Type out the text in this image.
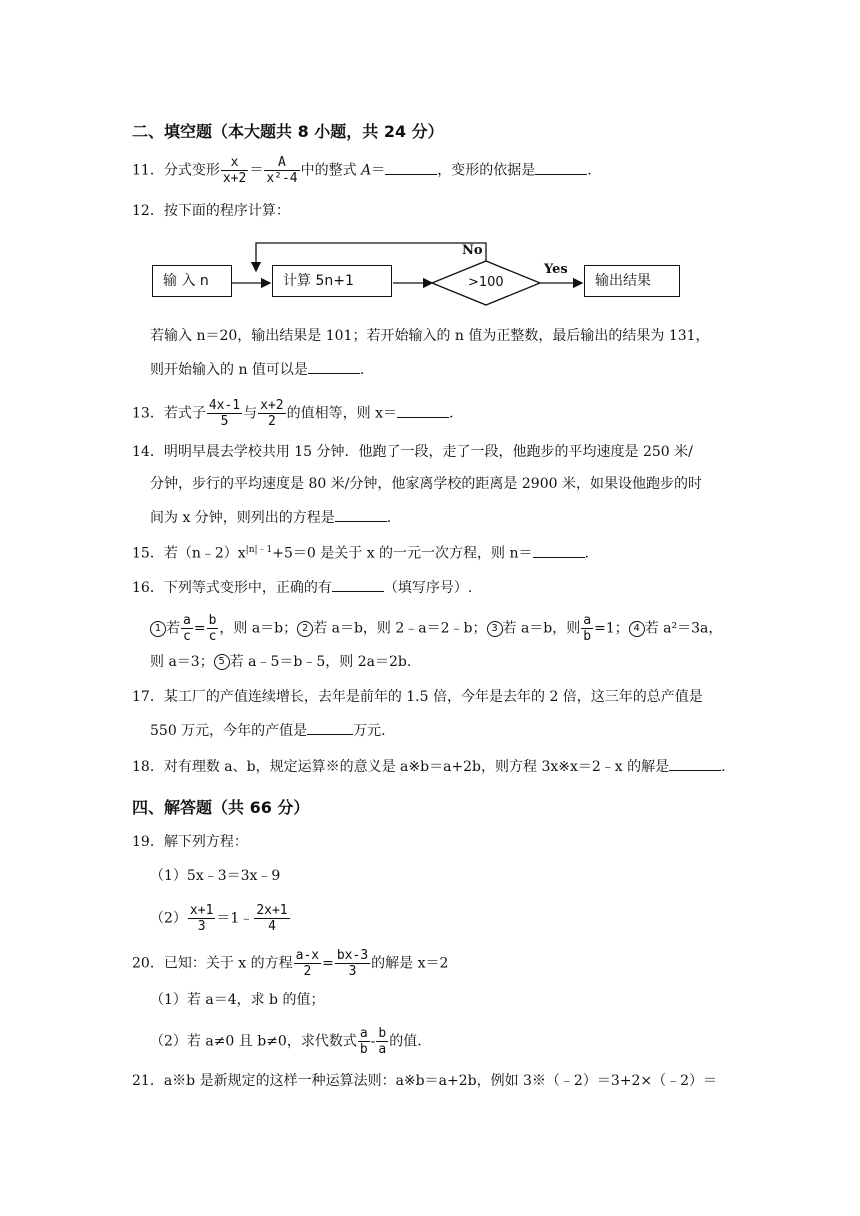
二、填空题（本大题共 8 小题，共 24 分）
11．分式变形 $\frac{x}{x+2} = \frac{A}{\text{x²-4}}$ 中的整式 A＝	，变形的依据是	.
12．按下面的程序计算：
输 入 n	计算 5n+1	>100	输出结果
No
Yes
若输入 n＝20，输出结果是 101；若开始输入的 n 值为正整数，最后输出的结果为 131，
则开始输入的 n 值可以是	.
13．若式子 $\frac{4x-1}{5}$ 与 $\frac{x+2}{2}$ 的值相等，则 x＝	.
14．明明早晨去学校共用 15 分钟．他跑了一段，走了一段，他跑步的平均速度是 250 米/
分钟，步行的平均速度是 80 米/分钟，他家离学校的距离是 2900 米，如果设他跑步的时
间为 x 分钟，则列出的方程是	.
15．若$(n﹣2)x^{|n|﹣1}+5=0$ 是关于 x 的一元一次方程，则 n＝	.
16．下列等式变形中，正确的有	（填写序号）.
1 若 $\frac{a}{c} = \frac{b}{c}$ ，则 a＝b； 2 若 a＝b，则 2﹣a＝2﹣b； 3 若 a＝b，则 $\frac{a}{b} =1$； 4 若 a²＝3a，
则 a＝3； 5 若 a﹣5＝b﹣5，则 2a＝2b.
17．某工厂的产值连续增长，去年是前年的 1.5 倍，今年是去年的 2 倍，这三年的总产值是
550 万元，今年的产值是	万元.
18．对有理数 a、b，规定运算※的意义是 a※b＝a+2b，则方程 3x※x＝2﹣x 的解是	.
四、解答题（共 66 分）
19．解下列方程：
（1）5x﹣3＝3x﹣9
$(2) \frac{x+1}{3}$ ＝1﹣ $\frac{2x+1}{4}$
20．已知：关于 x 的方程 $\frac{a-x}{2} = \frac{bx-3}{3}$ 的解是 x＝2
（1）若 a＝4，求 b 的值；
（2）若 a≠0 且 b≠0，求代数式 $\frac{a}{b} - \frac{b}{a}$ 的值.
21．a※b 是新规定的这样一种运算法则：a※b＝a+2b，例如 3※（﹣2）＝3+2×（﹣2）＝
